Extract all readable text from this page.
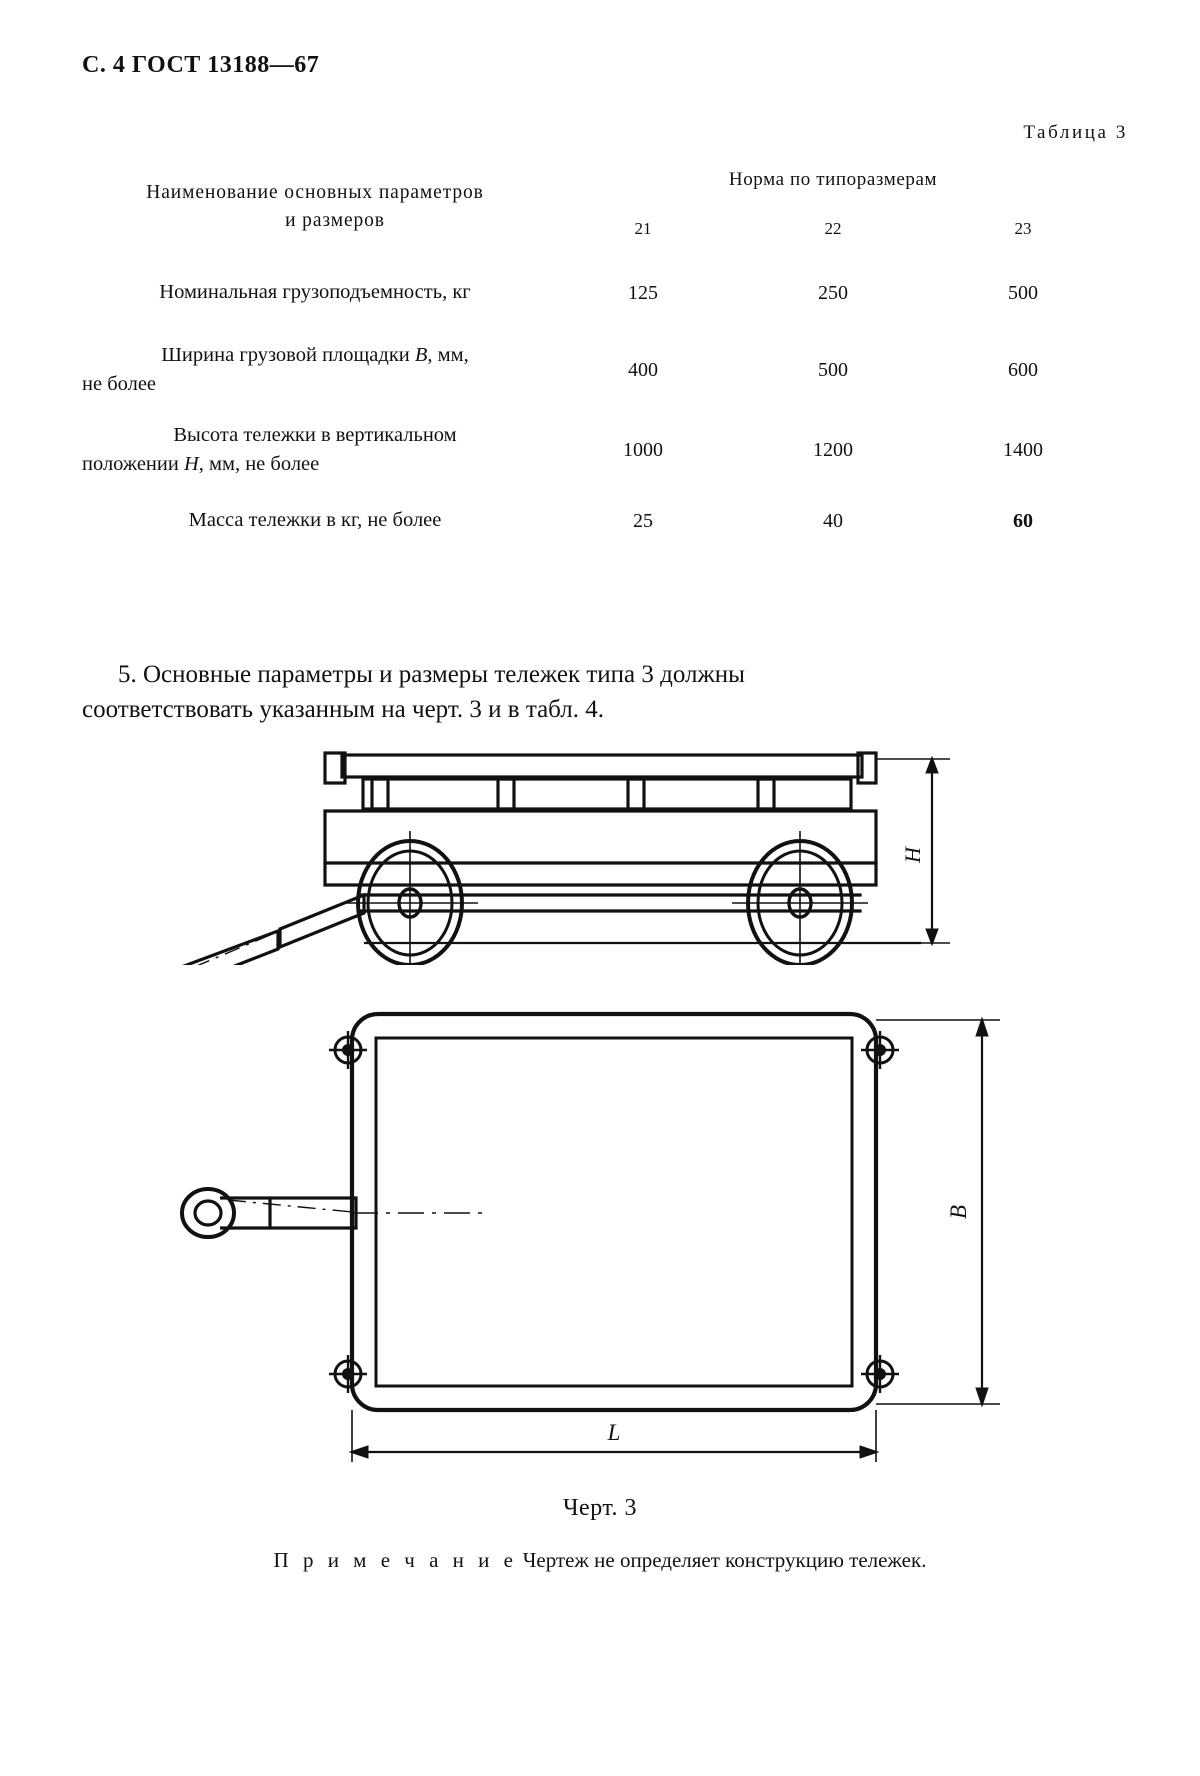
С. 4 ГОСТ 13188—67
Таблица 3
Наименование основных параметров
и размеров	Норма по типоразмерам		
	21	22	23
Номинальная грузоподъемность, кг	125	250	500

Ширина грузовой площадки B, мм,
не более	400	500	600

Высота тележки в вертикальном
положении H, мм, не более	1000	1200	1400
Масса тележки в кг, не более	25	40	60
5. Основные параметры и размеры тележек типа 3 должны
соответствовать указанным на черт. 3 и в табл. 4.
H
B
L
Черт. 3
П р и м е ч а н и е Чертеж не определяет конструкцию тележек.
